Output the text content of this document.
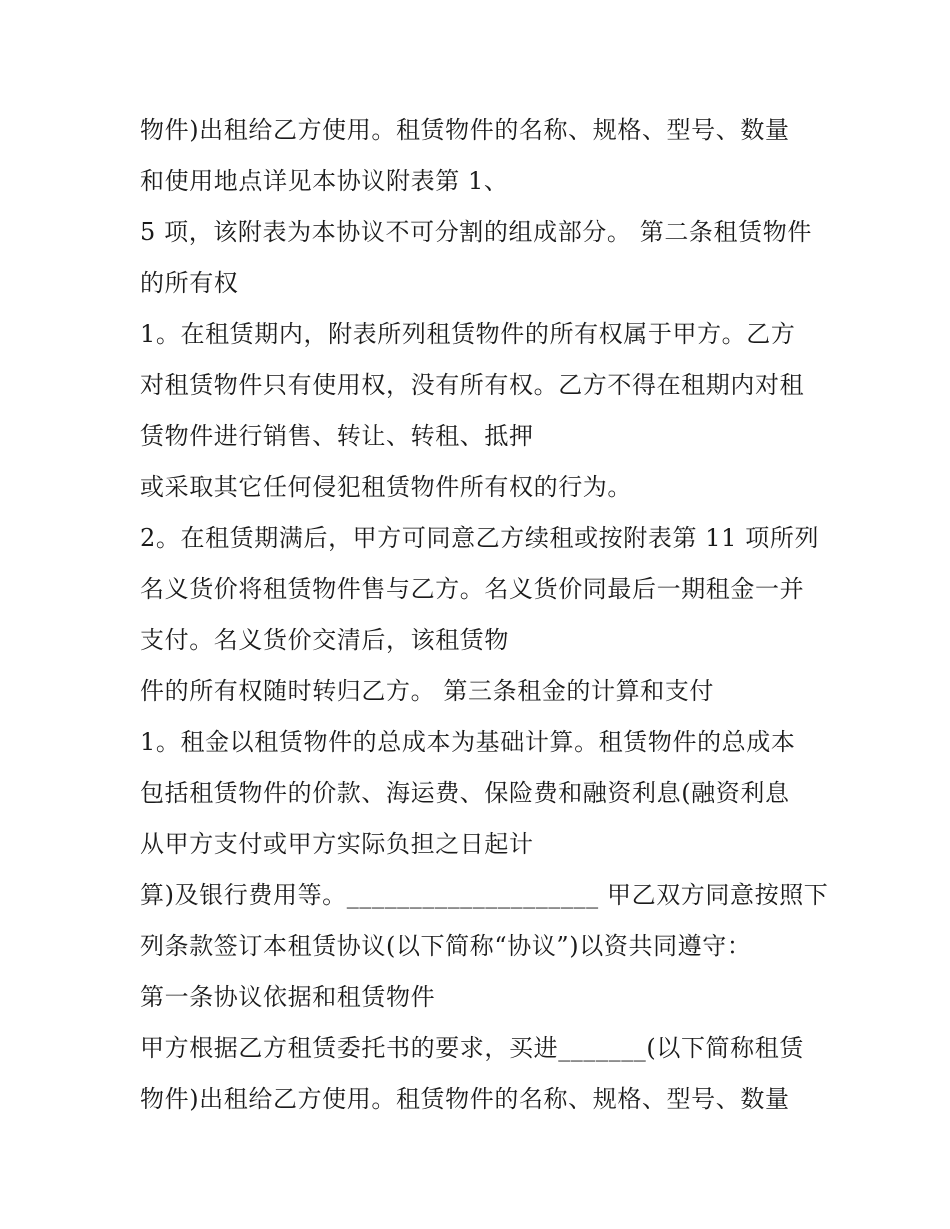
物件)出租给乙方使用。租赁物件的名称、规格、型号、数量
和使用地点详见本协议附表第 1、
5 项，该附表为本协议不可分割的组成部分。 第二条租赁物件
的所有权
1。在租赁期内，附表所列租赁物件的所有权属于甲方。乙方
对租赁物件只有使用权，没有所有权。乙方不得在租期内对租
赁物件进行销售、转让、转租、抵押
或采取其它任何侵犯租赁物件所有权的行为。
2。在租赁期满后，甲方可同意乙方续租或按附表第 11 项所列
名义货价将租赁物件售与乙方。名义货价同最后一期租金一并
支付。名义货价交清后，该租赁物
件的所有权随时转归乙方。 第三条租金的计算和支付
1。租金以租赁物件的总成本为基础计算。租赁物件的总成本
包括租赁物件的价款、海运费、保险费和融资利息(融资利息
从甲方支付或甲方实际负担之日起计
算)及银行费用等。____________________ 甲乙双方同意按照下
列条款签订本租赁协议(以下简称“协议”)以资共同遵守：
第一条协议依据和租赁物件
甲方根据乙方租赁委托书的要求，买进_______(以下简称租赁
物件)出租给乙方使用。租赁物件的名称、规格、型号、数量
